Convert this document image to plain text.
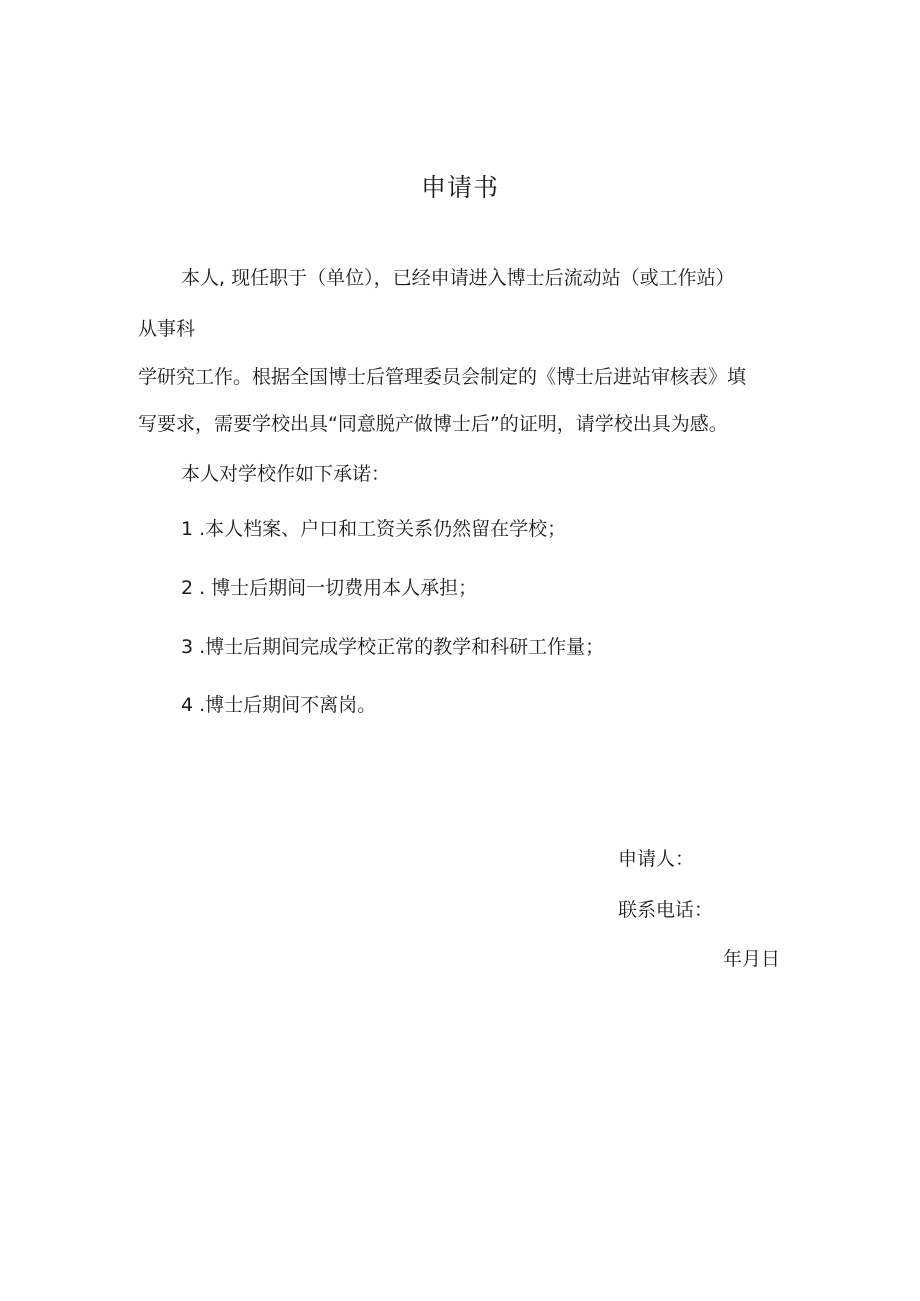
申请书
本人, 现任职于（单位），已经申请进入博士后流动站（或工作站）
从事科
学研究工作。根据全国博士后管理委员会制定的《博士后进站审核表》填
写要求，需要学校出具“同意脱产做博士后”的证明，请学校出具为感。
本人对学校作如下承诺：
1 .本人档案、户口和工资关系仍然留在学校；
2 . 博士后期间一切费用本人承担；
3 .博士后期间完成学校正常的教学和科研工作量；
4 .博士后期间不离岗。
申请人：
联系电话：
年月日
